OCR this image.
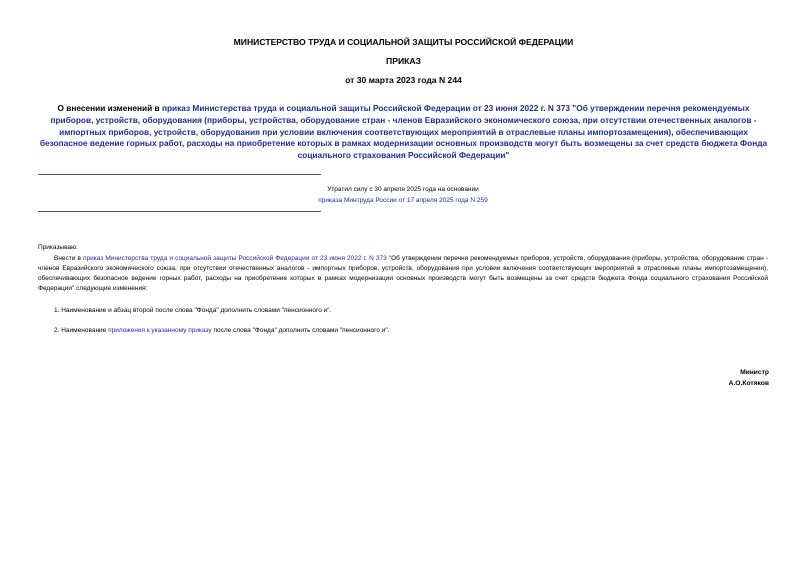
МИНИСТЕРСТВО ТРУДА И СОЦИАЛЬНОЙ ЗАЩИТЫ РОССИЙСКОЙ ФЕДЕРАЦИИ
ПРИКАЗ
от 30 марта 2023 года N 244
О внесении изменений в приказ Министерства труда и социальной защиты Российской Федерации от 23 июня 2022 г. N 373 "Об утверждении перечня рекомендуемых приборов, устройств, оборудования (приборы, устройства, оборудование стран - членов Евразийского экономического союза, при отсутствии отечественных аналогов - импортных приборов, устройств, оборудования при условии включения соответствующих мероприятий в отраслевые планы импортозамещения), обеспечивающих безопасное ведение горных работ, расходы на приобретение которых в рамках модернизации основных производств могут быть возмещены за счет средств бюджета Фонда социального страхования Российской Федерации"
Утратил силу с 30 апреля 2025 года на основании
приказа Минтруда России от 17 апреля 2025 года N 259
Приказываю:
Внести в приказ Министерства труда и социальной защиты Российской Федерации от 23 июня 2022 г. N 373 "Об утверждении перечня рекомендуемых приборов, устройств, оборудования (приборы, устройства, оборудование стран - членов Евразийского экономического союза, при отсутствии отечественных аналогов - импортных приборов, устройств, оборудования при условии включения соответствующих мероприятий в отраслевые планы импортозамещения), обеспечивающих безопасное ведение горных работ, расходы на приобретение которых в рамках модернизации основных производств могут быть возмещены за счет средств бюджета Фонда социального страхования Российской Федерации" следующие изменения:
1. Наименование и абзац второй после слова "Фонда" дополнить словами "пенсионного и".
2. Наименование приложения к указанному приказу после слова "Фонда" дополнить словами "пенсионного и".
Министр
А.О.Котяков
